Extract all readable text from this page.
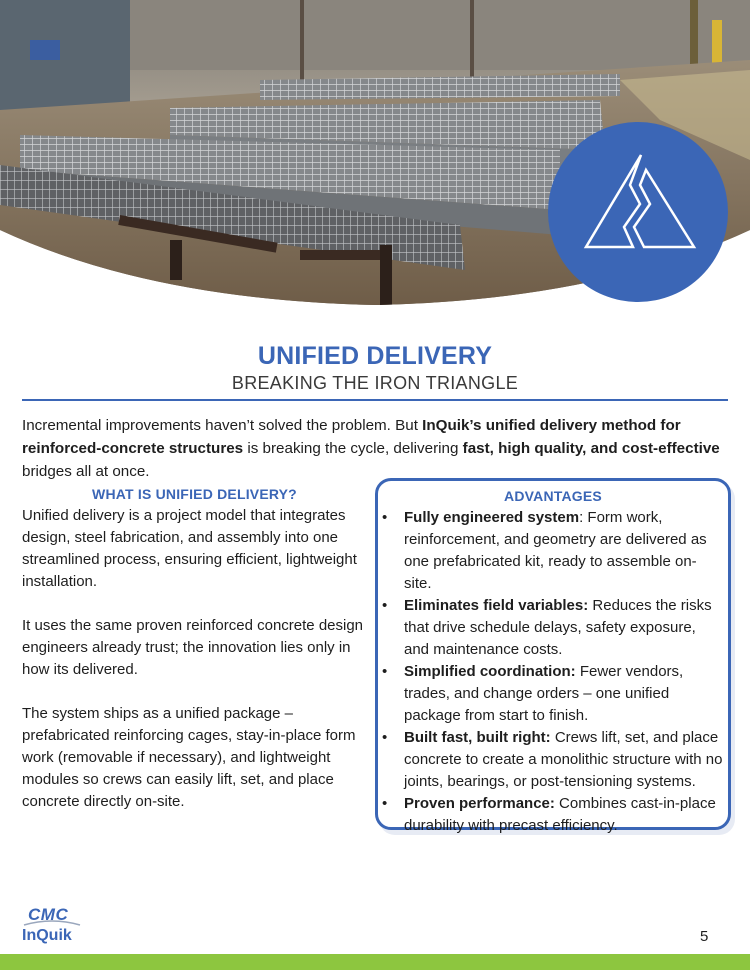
UNIFIED DELIVERY
BREAKING THE IRON TRIANGLE
Incremental improvements haven’t solved the problem. But InQuik’s unified delivery method for reinforced-concrete structures is breaking the cycle, delivering fast, high quality, and cost-effective bridges all at once.
WHAT IS UNIFIED DELIVERY?

Unified delivery is a project model that integrates design, steel fabrication, and assembly into one streamlined process, ensuring efficient, lightweight installation.

It uses the same proven reinforced concrete design engineers already trust; the innovation lies only in how its delivered.

The system ships as a unified package – prefabricated reinforcing cages, stay-in-place form work (removable if necessary), and lightweight modules so crews can easily lift, set, and place concrete directly on-site.

ADVANTAGES
• Fully engineered system: Form work, reinforcement, and geometry are delivered as one prefabricated kit, ready to assemble on-site.
• Eliminates field variables: Reduces the risks that drive schedule delays, safety exposure, and maintenance costs.
• Simplified coordination: Fewer vendors, trades, and change orders – one unified package from start to finish.
• Built fast, built right: Crews lift, set, and place concrete to create a monolithic structure with no joints, bearings, or post-tensioning systems.
• Proven performance: Combines cast-in-place durability with precast efficiency.
CMC
InQuik	5
